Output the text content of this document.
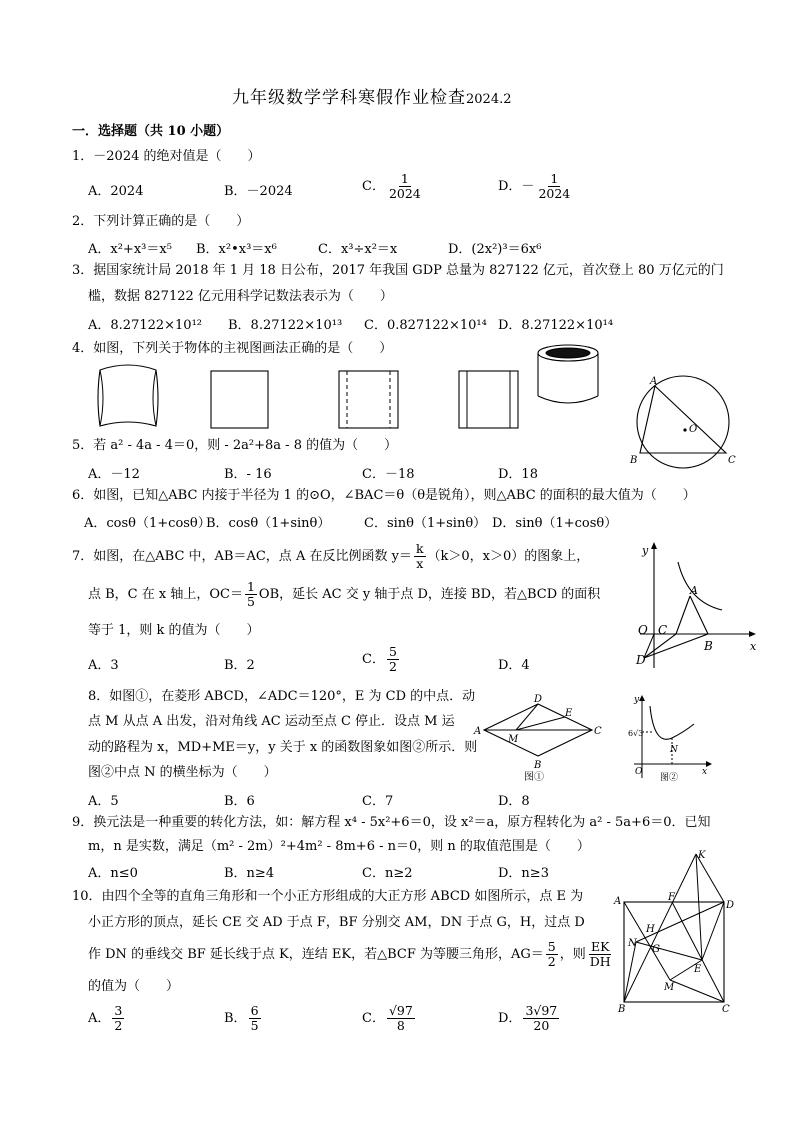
九年级数学学科寒假作业检查2024.2
一．选择题（共 10 小题）
1．－2024 的绝对值是（　　）
A．2024	B．－2024	C． $\frac{1}{2024}$	D．－ $\frac{1}{2024}$
2．下列计算正确的是（　　）
A．x²+x³＝x⁵ B．x²•x³＝x⁶	C．x³÷x²＝x	D．(2x²)³＝6x⁶
3．据国家统计局 2018 年 1 月 18 日公布，2017 年我国 GDP 总量为 827122 亿元，首次登上 80 万亿元的门
槛，数据 827122 亿元用科学记数法表示为（　　）
A．8.27122×10¹² B．8.27122×10¹³ C．0.827122×10¹⁴ D．8.27122×10¹⁴
4．如图，下列关于物体的主视图画法正确的是（　　）
A
B	C
O
5．若 a² - 4a - 4＝0，则 - 2a²+8a - 8 的值为（　　）
A．－12	B．- 16	C．－18	D．18
6．如图，已知△ABC 内接于半径为 1 的⊙O，∠BAC＝θ（θ是锐角），则△ABC 的面积的最大值为（　　）
A．cosθ（1+cosθ）
B．cosθ（1+sinθ）	C．sinθ（1+sinθ） D．sinθ（1+cosθ）
7．如图，在△ABC 中，AB＝AC，点 A 在反比例函数 $y= \frac{k}{x} (k>0$，x＞0）的图象上，
点 B，C 在 x 轴上，$OC= \frac{1}{5}$ OB，延长 AC 交 y 轴于点 D，连接 BD，若△BCD 的面积
等于 1，则 k 的值为（　　）
A．3	B．2	C． $\frac{5}{2}$	D．4
y
x
A
O C
B
D
8．如图①，在菱形 ABCD，∠ADC＝120°，E 为 CD 的中点．动
点 M 从点 A 出发，沿对角线 AC 运动至点 C 停止．设点 M 运
动的路程为 x，MD+ME＝y，y 关于 x 的函数图象如图②所示．则
图②中点 N 的横坐标为（　　）
A．5	B．6	C．7	D．8
A
D
C
B
E
M
图①
y
6√3
N
O	x
图②
9．换元法是一种重要的转化方法，如：解方程 x⁴ - 5x²+6＝0，设 x²＝a，原方程转化为 a² - 5a+6＝0．已知
m，n 是实数，满足（m² - 2m）²+4m² - 8m+6 - n＝0，则 n 的取值范围是（　　）
A．n≤0	B．n≥4	C．n≥2	D．n≥3
10．由四个全等的直角三角形和一个小正方形组成的大正方形 ABCD 如图所示，点 E 为
小正方形的顶点，延长 CE 交 AD 于点 F，BF 分别交 AM，DN 于点 G，H，过点 D
作 DN 的垂线交 BF 延长线于点 K，连结 EK，若△BCF 为等腰三角形，$AG= \frac{5}{2}$ ，则 $\frac{EK}{DH}$
的值为（　　）
A． $\frac{3}{2}$	B． $\frac{6}{5}$	C． $\frac{√97}{8}$	D． $\frac{3√97}{20}$
K
A	D
F
H
N
G
E
M
B	C
